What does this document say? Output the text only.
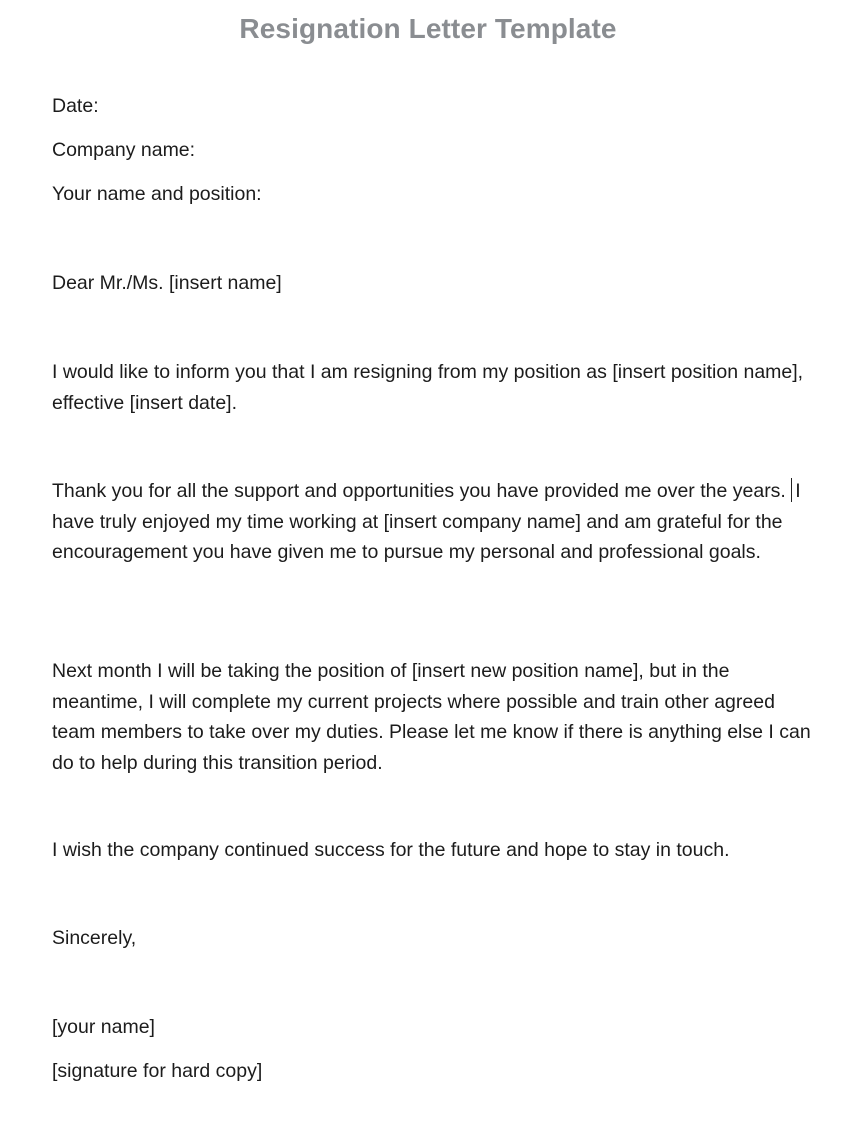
Resignation Letter Template
Date:
Company name:
Your name and position:
Dear Mr./Ms. [insert name]
I would like to inform you that I am resigning from my position as [insert position name], effective [insert date].
Thank you for all the support and opportunities you have provided me over the years. I have truly enjoyed my time working at [insert company name] and am grateful for the encouragement you have given me to pursue my personal and professional goals.
Next month I will be taking the position of [insert new position name], but in the meantime, I will complete my current projects where possible and train other agreed team members to take over my duties. Please let me know if there is anything else I can do to help during this transition period.
I wish the company continued success for the future and hope to stay in touch.
Sincerely,
[your name]
[signature for hard copy]
